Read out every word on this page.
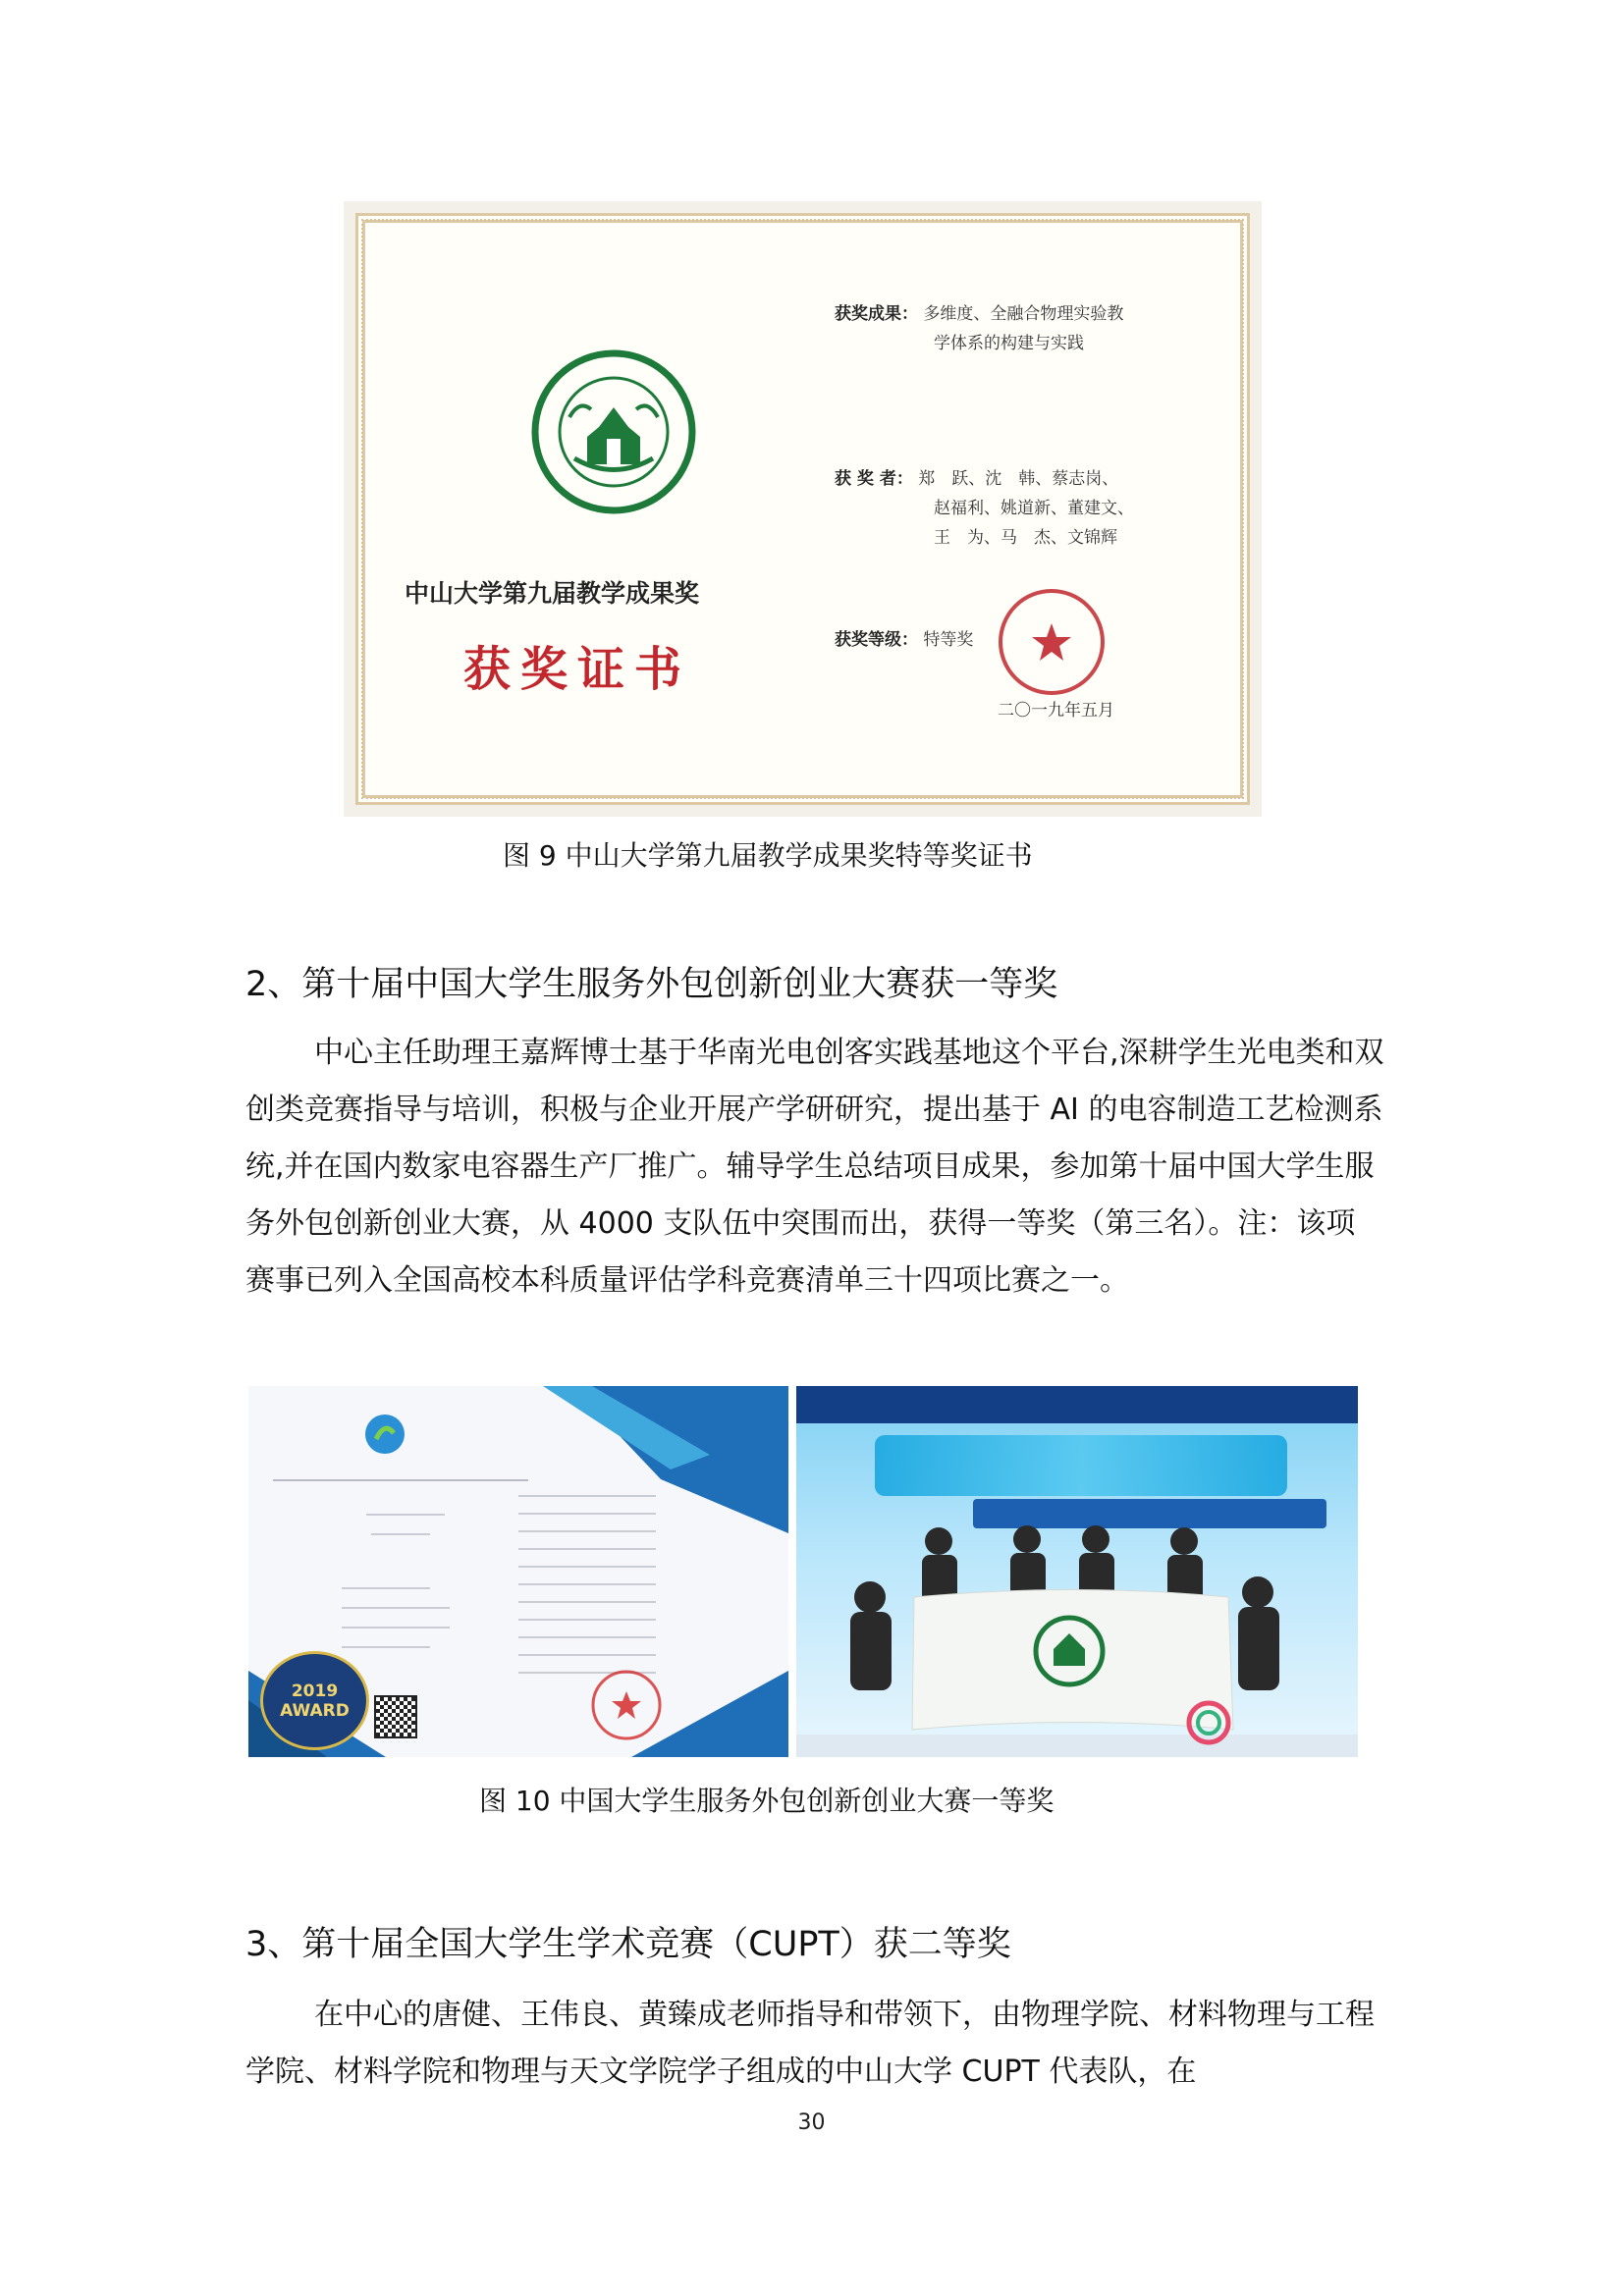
获奖成果： 多维度、全融合物理实验教
学体系的构建与实践
获 奖 者： 郑　跃、沈　韩、蔡志岗、
赵福利、姚道新、董建文、
王　为、马　杰、文锦辉
获奖等级： 特等奖
二〇一九年五月
中山大学第九届教学成果奖
获奖证书
图 9 中山大学第九届教学成果奖特等奖证书
2、第十届中国大学生服务外包创新创业大赛获一等奖

中心主任助理王嘉辉博士基于华南光电创客实践基地这个平台,深耕学生光电类和双创类竞赛指导与培训，积极与企业开展产学研研究，提出基于 AI 的电容制造工艺检测系统,并在国内数家电容器生产厂推广。辅导学生总结项目成果，参加第十届中国大学生服务外包创新创业大赛，从 4000 支队伍中突围而出，获得一等奖（第三名）。注：该项赛事已列入全国高校本科质量评估学科竞赛清单三十四项比赛之一。

2019 AWARD
图 10 中国大学生服务外包创新创业大赛一等奖
3、第十届全国大学生学术竞赛（CUPT）获二等奖

在中心的唐健、王伟良、黄臻成老师指导和带领下，由物理学院、材料物理与工程学院、材料学院和物理与天文学院学子组成的中山大学 CUPT 代表队，在

30
